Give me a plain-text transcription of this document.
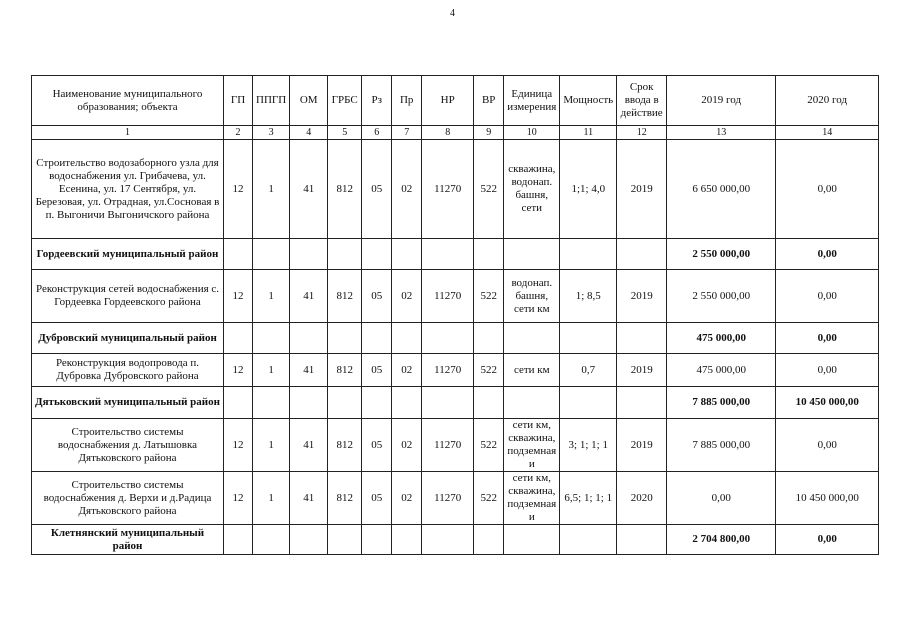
4
Наименование муниципального образования; объекта	ГП	ППГП	ОМ	ГРБС	Рз	Пр	НР	ВР	Единица измерения	Мощность	Срок ввода в действие	2019 год	2020 год
1	2	3	4	5	6	7	8	9	10	11	12	13	14
Строительство водозаборного узла для водоснабжения ул. Грибачева, ул. Есенина, ул. 17 Сентября, ул. Березовая, ул. Отрадная, ул.Сосновая в п. Выгоничи Выгоничского района	12	1	41	812	05	02	11270	522	скважина, водонап. башня, сети	1;1; 4,0	2019	6 650 000,00	0,00
Гордеевский муниципальный район												2 550 000,00	0,00
Реконструкция сетей водоснабжения с. Гордеевка Гордеевского района	12	1	41	812	05	02	11270	522	водонап. башня, сети км	1; 8,5	2019	2 550 000,00	0,00
Дубровский муниципальный район												475 000,00	0,00
Реконструкция водопровода п. Дубровка Дубровского района	12	1	41	812	05	02	11270	522	сети км	0,7	2019	475 000,00	0,00
Дятьковский муниципальный район												7 885 000,00	10 450 000,00
Строительство системы водоснабжения д. Латышовка Дятьковского района	12	1	41	812	05	02	11270	522	сети км, скважина, подземная и	3; 1; 1; 1	2019	7 885 000,00	0,00
Строительство системы водоснабжения д. Верхи и д.Радица Дятьковского района	12	1	41	812	05	02	11270	522	сети км, скважина, подземная и	6,5; 1; 1; 1	2020	0,00	10 450 000,00
Клетнянский муниципальный район												2 704 800,00	0,00
